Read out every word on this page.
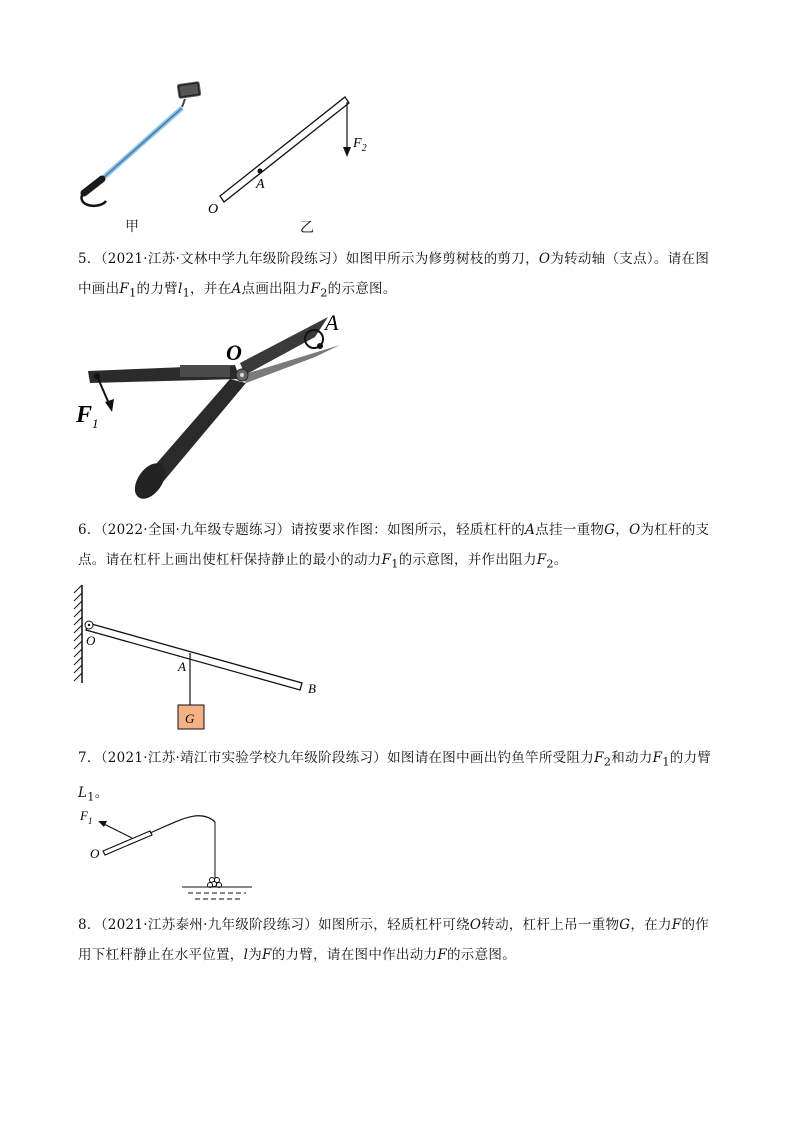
$F_2$
A
O
甲	乙
5．（2021·江苏·文林中学九年级阶段练习）如图甲所示为修剪树枝的剪刀，O为转动轴（支点）。请在图中画出$F_1$的力臂$l_1$，并在A点画出阻力$F_2$的示意图。
O
A
$F_1$
6．（2022·全国·九年级专题练习）请按要求作图：如图所示，轻质杠杆的A点挂一重物G，O为杠杆的支点。请在杠杆上画出使杠杆保持静止的最小的动力$F_1$的示意图，并作出阻力$F_2$。
G
O
A
B
7．（2021·江苏·靖江市实验学校九年级阶段练习）如图请在图中画出钓鱼竿所受阻力$F_2$和动力$F_1$的力臂$L_1$。
$F_1$
O
8．（2021·江苏泰州·九年级阶段练习）如图所示，轻质杠杆可绕O转动，杠杆上吊一重物G，在力F的作用下杠杆静止在水平位置，l为F的力臂，请在图中作出动力F的示意图。
